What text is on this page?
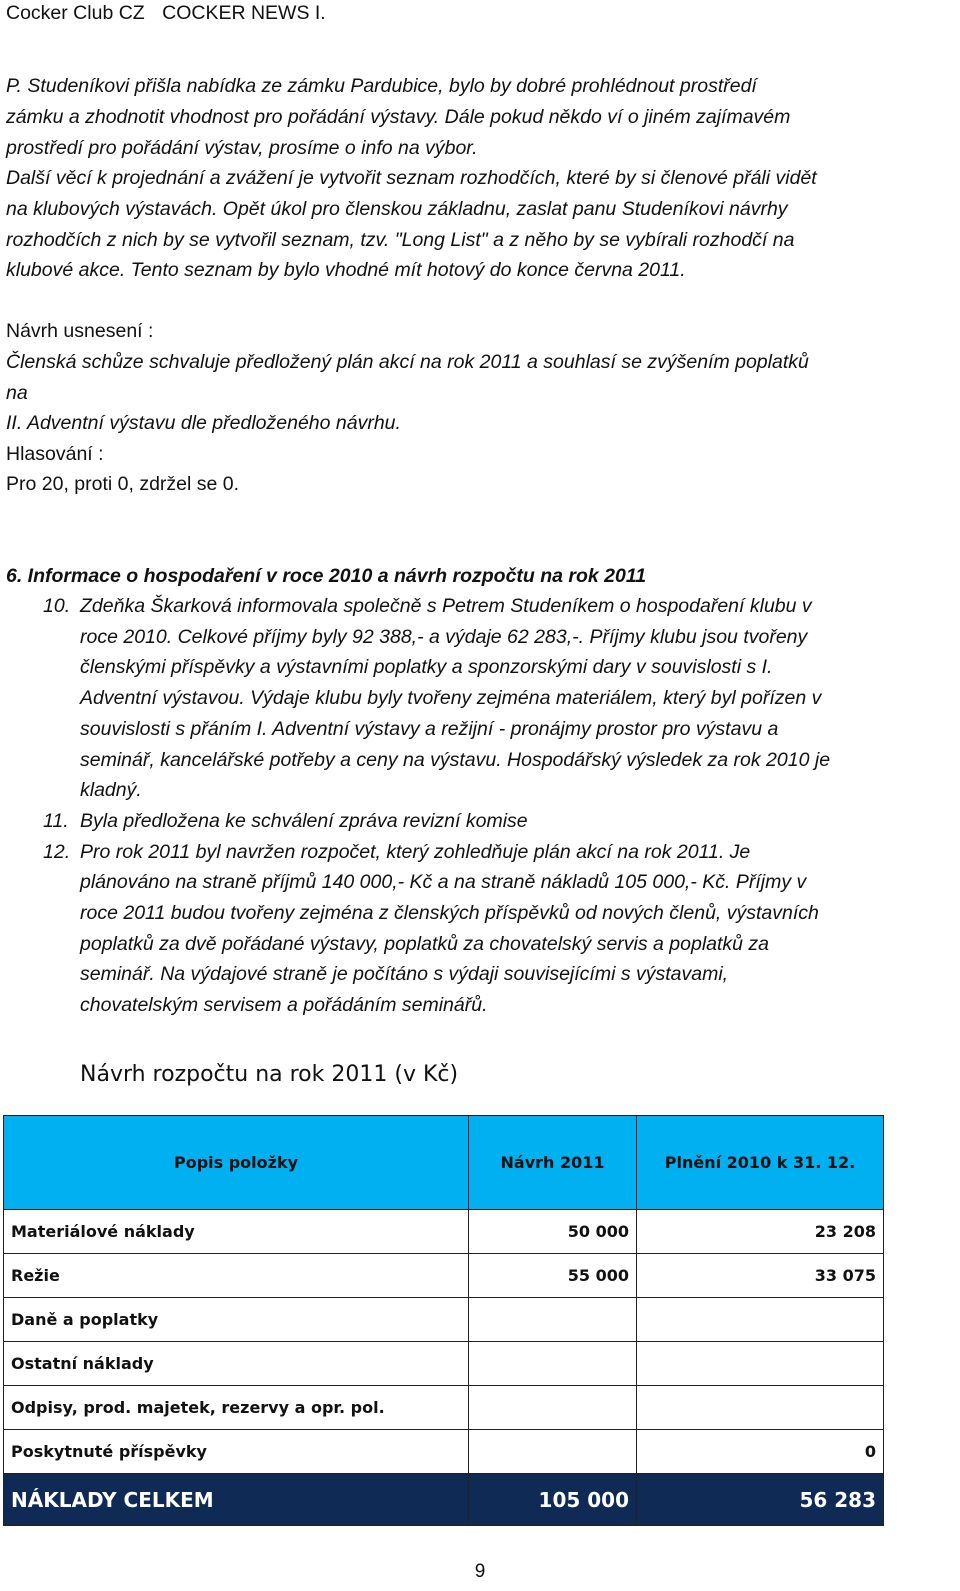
Cocker Club CZ COCKER NEWS I.
P. Studeníkovi přišla nabídka ze zámku Pardubice, bylo by dobré prohlédnout prostředí
zámku a zhodnotit vhodnost pro pořádání výstavy. Dále pokud někdo ví o jiném zajímavém
prostředí pro pořádání výstav, prosíme o info na výbor.
Další věcí k projednání a zvážení je vytvořit seznam rozhodčích, které by si členové přáli vidět
na klubových výstavách. Opět úkol pro členskou základnu, zaslat panu Studeníkovi návrhy
rozhodčích z nich by se vytvořil seznam, tzv. "Long List" a z něho by se vybírali rozhodčí na
klubové akce. Tento seznam by bylo vhodné mít hotový do konce června 2011.
Návrh usnesení :
Členská schůze schvaluje předložený plán akcí na rok 2011 a souhlasí se zvýšením poplatků
na
II. Adventní výstavu dle předloženého návrhu.
Hlasování :
Pro 20, proti 0, zdržel se 0.
6. Informace o hospodaření v roce 2010 a návrh rozpočtu na rok 2011
10. Zdeňka Škarková informovala společně s Petrem Studeníkem o hospodaření klubu v
roce 2010. Celkové příjmy byly 92 388,- a výdaje 62 283,-. Příjmy klubu jsou tvořeny
členskými příspěvky a výstavními poplatky a sponzorskými dary v souvislosti s I.
Adventní výstavou. Výdaje klubu byly tvořeny zejména materiálem, který byl pořízen v
souvislosti s přáním I. Adventní výstavy a režijní - pronájmy prostor pro výstavu a
seminář, kancelářské potřeby a ceny na výstavu. Hospodářský výsledek za rok 2010 je
kladný.
11. Byla předložena ke schválení zpráva revizní komise
12. Pro rok 2011 byl navržen rozpočet, který zohledňuje plán akcí na rok 2011. Je
plánováno na straně příjmů 140 000,- Kč a na straně nákladů 105 000,- Kč. Příjmy v
roce 2011 budou tvořeny zejména z členských příspěvků od nových členů, výstavních
poplatků za dvě pořádané výstavy, poplatků za chovatelský servis a poplatků za
seminář. Na výdajové straně je počítáno s výdaji souvisejícími s výstavami,
chovatelským servisem a pořádáním seminářů.
Návrh rozpočtu na rok 2011 (v Kč)
Popis položky	Návrh 2011	Plnění 2010 k 31. 12.
Materiálové náklady	50 000	23 208
Režie	55 000	33 075
Daně a poplatky		
Ostatní náklady		
Odpisy, prod. majetek, rezervy a opr. pol.		
Poskytnuté příspěvky		0
NÁKLADY CELKEM	105 000	56 283
9
